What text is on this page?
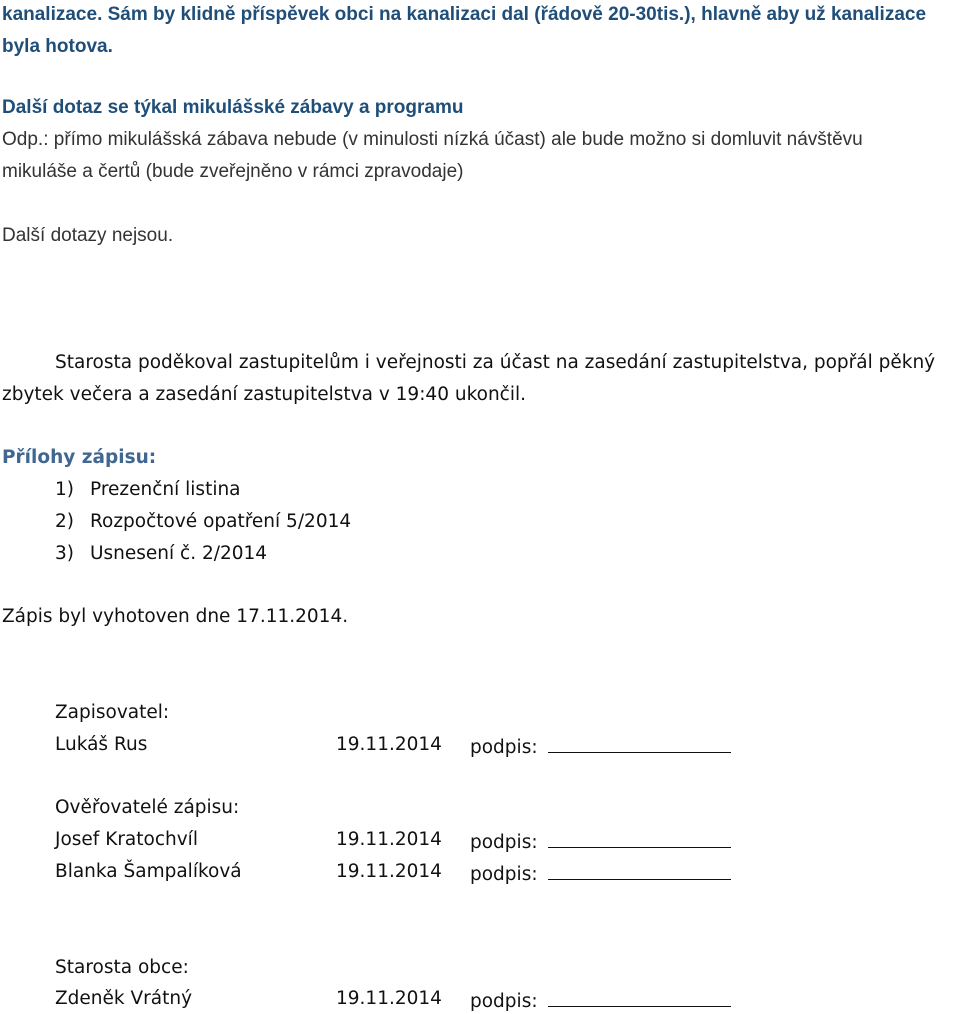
kanalizace. Sám by klidně příspěvek obci na kanalizaci dal (řádově 20-30tis.), hlavně aby už kanalizace

byla hotova.

Další dotaz se týkal mikulášské zábavy a programu

Odp.: přímo mikulášská zábava nebude (v minulosti nízká účast) ale bude možno si domluvit návštěvu

mikuláše a čertů (bude zveřejněno v rámci zpravodaje)

Další dotazy nejsou.

Starosta poděkoval zastupitelům i veřejnosti za účast na zasedání zastupitelstva, popřál pěkný

zbytek večera a zasedání zastupitelstva v 19:40 ukončil.

Přílohy zápisu:

1) Prezenční listina
2) Rozpočtové opatření 5/2014
3) Usnesení č. 2/2014

Zápis byl vyhotoven dne 17.11.2014.

Zapisovatel:

Lukáš Rus	19.11.2014 podpis:

Ověřovatelé zápisu:

Josef Kratochvíl	19.11.2014 podpis:
Blanka Šampalíková	19.11.2014 podpis:

Starosta obce:

Zdeněk Vrátný	19.11.2014 podpis:
